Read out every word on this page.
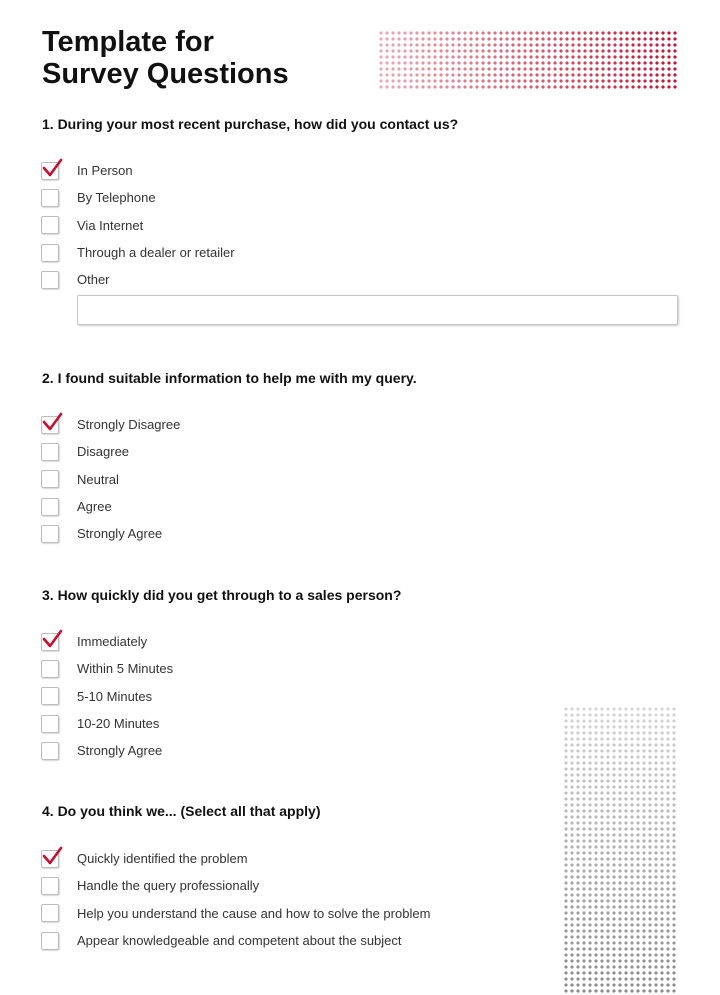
Template for
Survey Questions

1. During your most recent purchase, how did you contact us?

In Person
By Telephone
Via Internet
Through a dealer or retailer
Other

2. I found suitable information to help me with my query.

Strongly Disagree
Disagree
Neutral
Agree
Strongly Agree

3. How quickly did you get through to a sales person?

Immediately
Within 5 Minutes
5-10 Minutes
10-20 Minutes
Strongly Agree

4. Do you think we... (Select all that apply)

Quickly identified the problem
Handle the query professionally
Help you understand the cause and how to solve the problem
Appear knowledgeable and competent about the subject
